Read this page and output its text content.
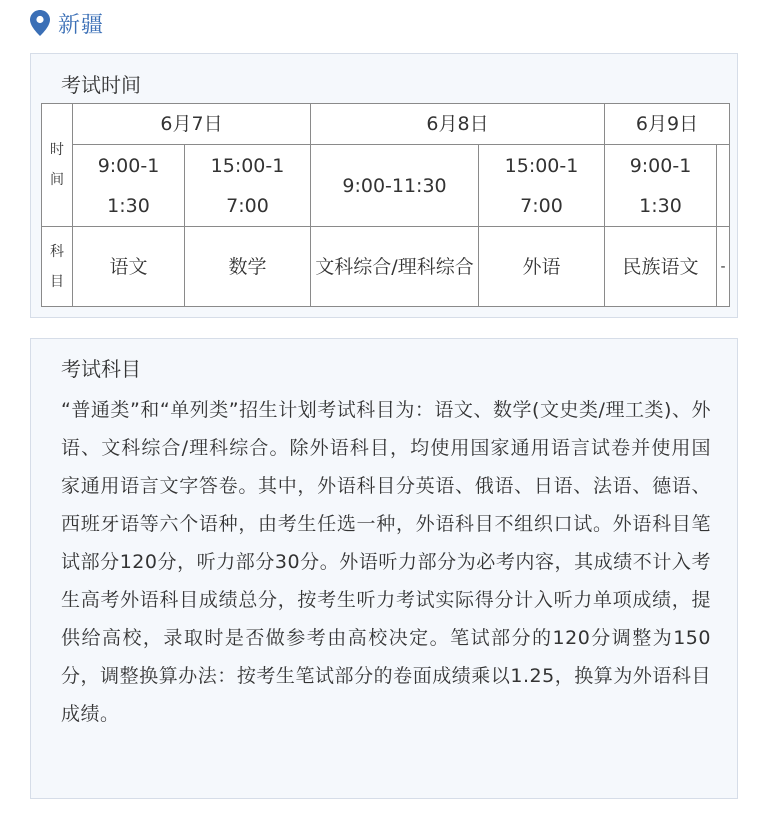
新疆
考试时间
时间	6月7日		6月8日		6月9日	
	9:00-11:30	15:00-17:00	9:00-11:30	15:00-17:00	9:00-11:30	
科目	语文	数学	文科综合/理科综合	外语	民族语文	-
考试科目
“普通类”和“单列类”招生计划考试科目为：语文、数学(文史类/理工类)、外语、文科综合/理科综合。除外语科目，均使用国家通用语言试卷并使用国家通用语言文字答卷。其中，外语科目分英语、俄语、日语、法语、德语、西班牙语等六个语种，由考生任选一种，外语科目不组织口试。外语科目笔试部分120分，听力部分30分。外语听力部分为必考内容，其成绩不计入考生高考外语科目成绩总分，按考生听力考试实际得分计入听力单项成绩，提供给高校，录取时是否做参考由高校决定。笔试部分的120分调整为150分，调整换算办法：按考生笔试部分的卷面成绩乘以1.25，换算为外语科目成绩。
